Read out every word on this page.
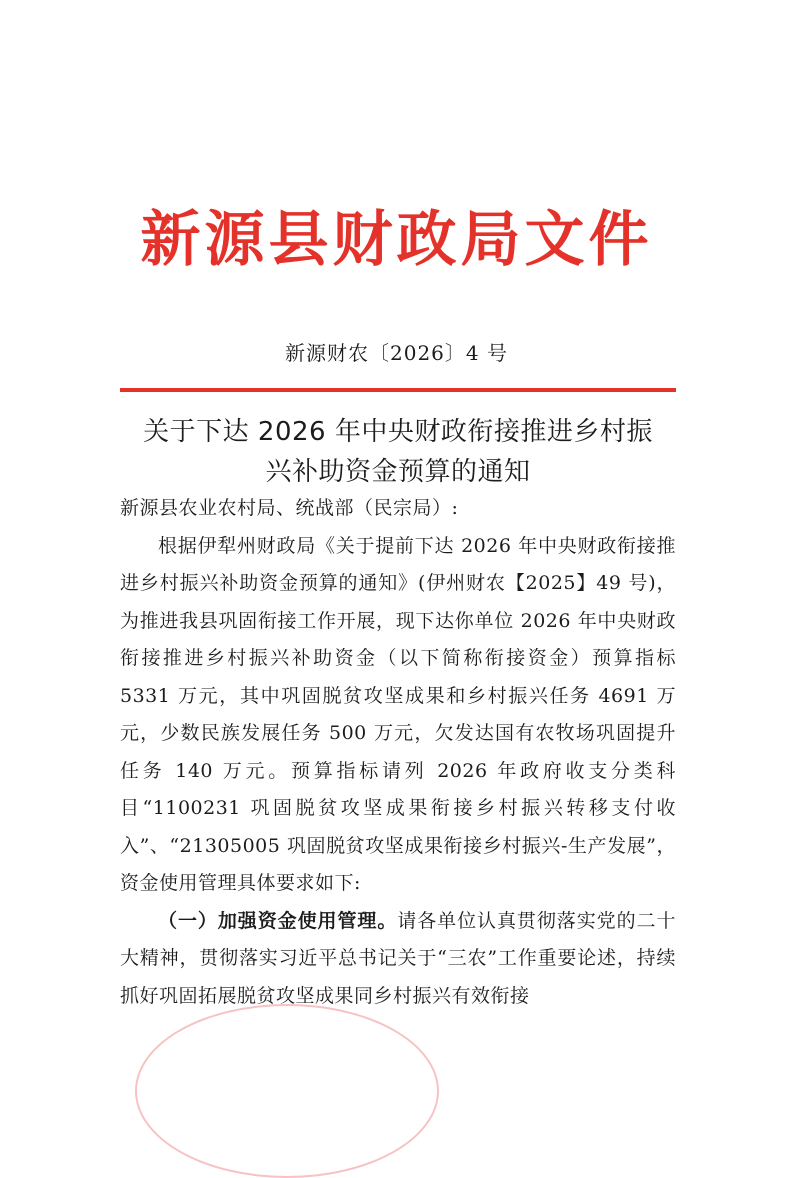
新源县财政局文件
新源财农〔2026〕4 号
关于下达 2026 年中央财政衔接推进乡村振
兴补助资金预算的通知

新源县农业农村局、统战部（民宗局）:

根据伊犁州财政局《关于提前下达 2026 年中央财政衔接推进乡村振兴补助资金预算的通知》(伊州财农【2025】49 号)，为推进我县巩固衔接工作开展，现下达你单位 2026 年中央财政衔接推进乡村振兴补助资金（以下简称衔接资金）预算指标 5331 万元，其中巩固脱贫攻坚成果和乡村振兴任务 4691 万元，少数民族发展任务 500 万元，欠发达国有农牧场巩固提升任务 140 万元。预算指标请列 2026 年政府收支分类科目“1100231 巩固脱贫攻坚成果衔接乡村振兴转移支付收入”、“21305005 巩固脱贫攻坚成果衔接乡村振兴-生产发展”，资金使用管理具体要求如下:

（一）加强资金使用管理。请各单位认真贯彻落实党的二十大精神，贯彻落实习近平总书记关于“三农”工作重要论述，持续抓好巩固拓展脱贫攻坚成果同乡村振兴有效衔接
